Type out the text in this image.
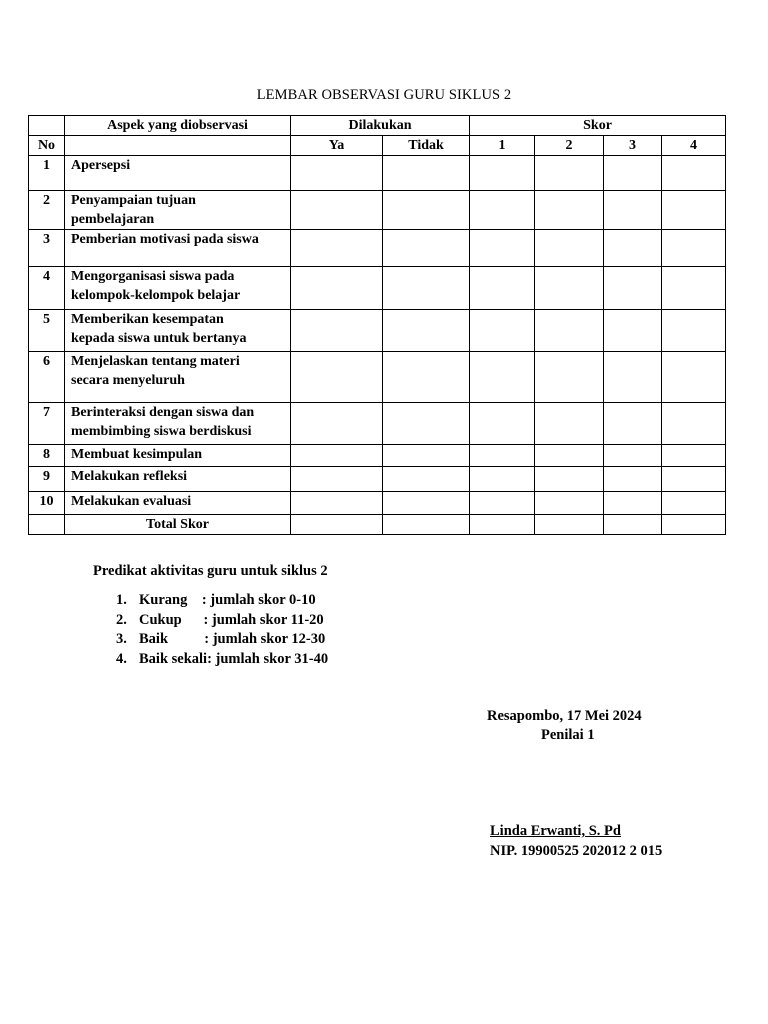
LEMBAR OBSERVASI GURU SIKLUS 2
	Aspek yang diobservasi	Dilakukan		Skor			
No		Ya	Tidak	1	2	3	4
1	Apersepsi						

2	Penyampaian tujuan
pembelajaran						

3	Pemberian motivasi pada siswa						

4	Mengorganisasi siswa pada
kelompok-kelompok belajar						

5	Memberikan kesempatan
kepada siswa untuk bertanya						

6	Menjelaskan tentang materi
secara menyeluruh						

7	Berinteraksi dengan siswa dan
membimbing siswa berdiskusi						

8	Membuat kesimpulan						

9	Melakukan refleksi						

10	Melakukan evaluasi						

	Total Skor						
Predikat aktivitas guru untuk siklus 2
1. Kurang    : jumlah skor 0-10
2. Cukup      : jumlah skor 11-20
3. Baik          : jumlah skor 12-30
4. Baik sekali: jumlah skor 31-40
Resapombo, 17 Mei 2024
Penilai 1
Linda Erwanti, S. Pd
NIP. 19900525 202012 2 015
